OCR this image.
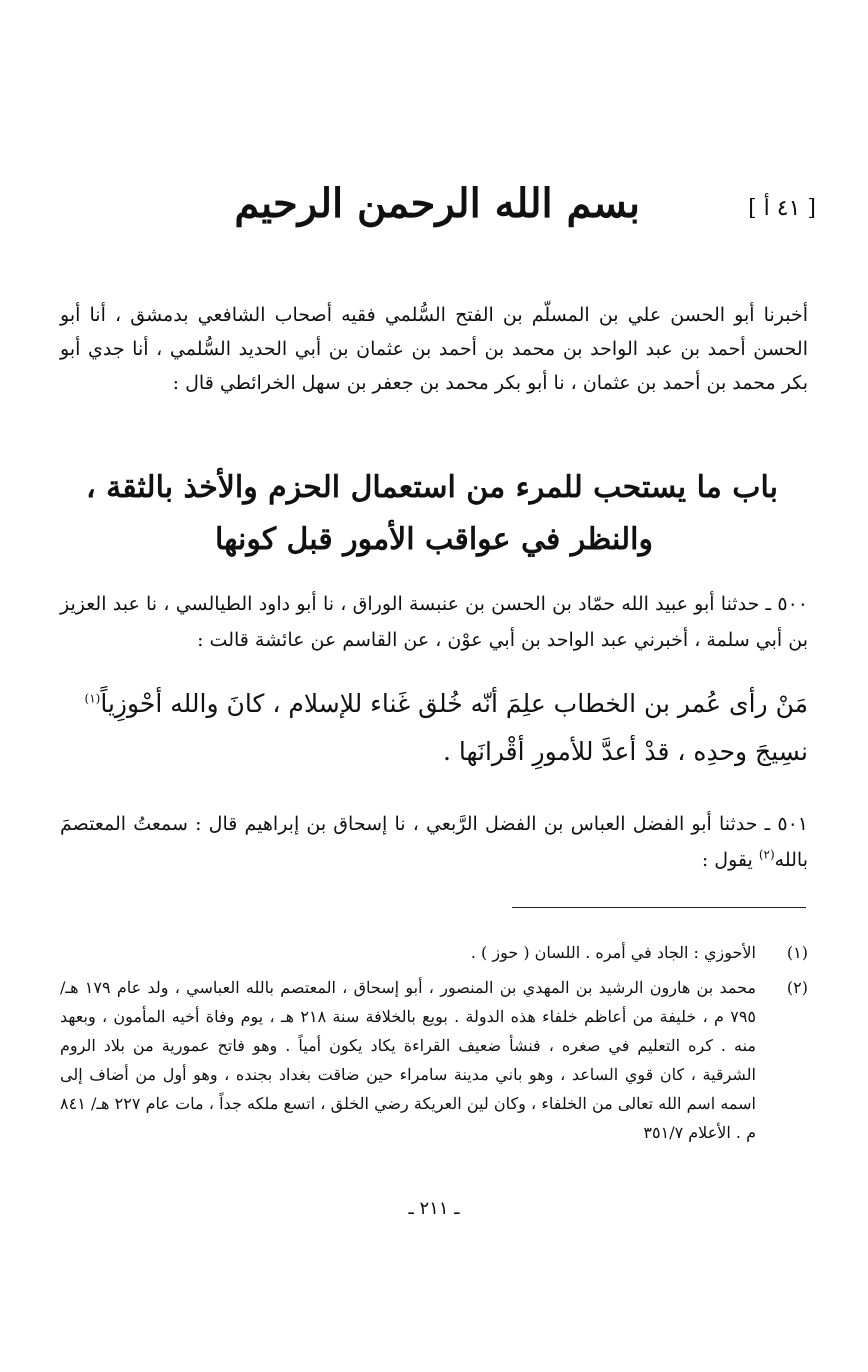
[ ٤١ أ ]
بسم الله الرحمن الرحيم

أخبرنا أبو الحسن علي بن المسلّم بن الفتح السُّلمي فقيه أصحاب الشافعي بدمشق ، أنا أبو الحسن أحمد بن عبد الواحد بن محمد بن أحمد بن عثمان بن أبي الحديد السُّلمي ، أنا جدي أبو بكر محمد بن أحمد بن عثمان ، نا أبو بكر محمد بن جعفر بن سهل الخرائطي قال :

باب ما يستحب للمرء من استعمال الحزم والأخذ بالثقة ،
والنظر في عواقب الأمور قبل كونها

٥٠٠ ـ حدثنا أبو عبيد الله حمّاد بن الحسن بن عنبسة الوراق ، نا أبو داود الطيالسي ، نا عبد العزيز بن أبي سلمة ، أخبرني عبد الواحد بن أبي عوْن ، عن القاسم عن عائشة قالت :

مَنْ رأى عُمر بن الخطاب علِمَ أنّه خُلق غَناء للإسلام ، كانَ والله أحْوزِياً$^{(١)}$

نسِيجَ وحدِه ، قدْ أعدَّ للأمورِ أقْرانَها .

٥٠١ ـ حدثنا أبو الفضل العباس بن الفضل الرَّبعي ، نا إسحاق بن إبراهيم قال : سمعتُ المعتصمَ بالله$^{(٢)}$ يقول :

(١)
الأحوزي : الجاد في أمره . اللسان ( حوز ) .
(٢)
محمد بن هارون الرشيد بن المهدي بن المنصور ، أبو إسحاق ، المعتصم بالله العباسي ، ولد عام ١٧٩ هـ/ ٧٩٥ م ، خليفة من أعاظم خلفاء هذه الدولة . بويع بالخلافة سنة ٢١٨ هـ ، يوم وفاة أخيه المأمون ، وبعهد منه . كره التعليم في صغره ، فنشأ ضعيف القراءة يكاد يكون أمياً . وهو فاتح عمورية من بلاد الروم الشرقية ، كان قوي الساعد ، وهو باني مدينة سامراء حين ضاقت بغداد بجنده ، وهو أول من أضاف إلى اسمه اسم الله تعالى من الخلفاء ، وكان لين العريكة رضي الخلق ، اتسع ملكه جداً ، مات عام ٢٢٧ هـ/ ٨٤١ م . الأعلام ٣٥١/٧
ـ ٢١١ ـ
